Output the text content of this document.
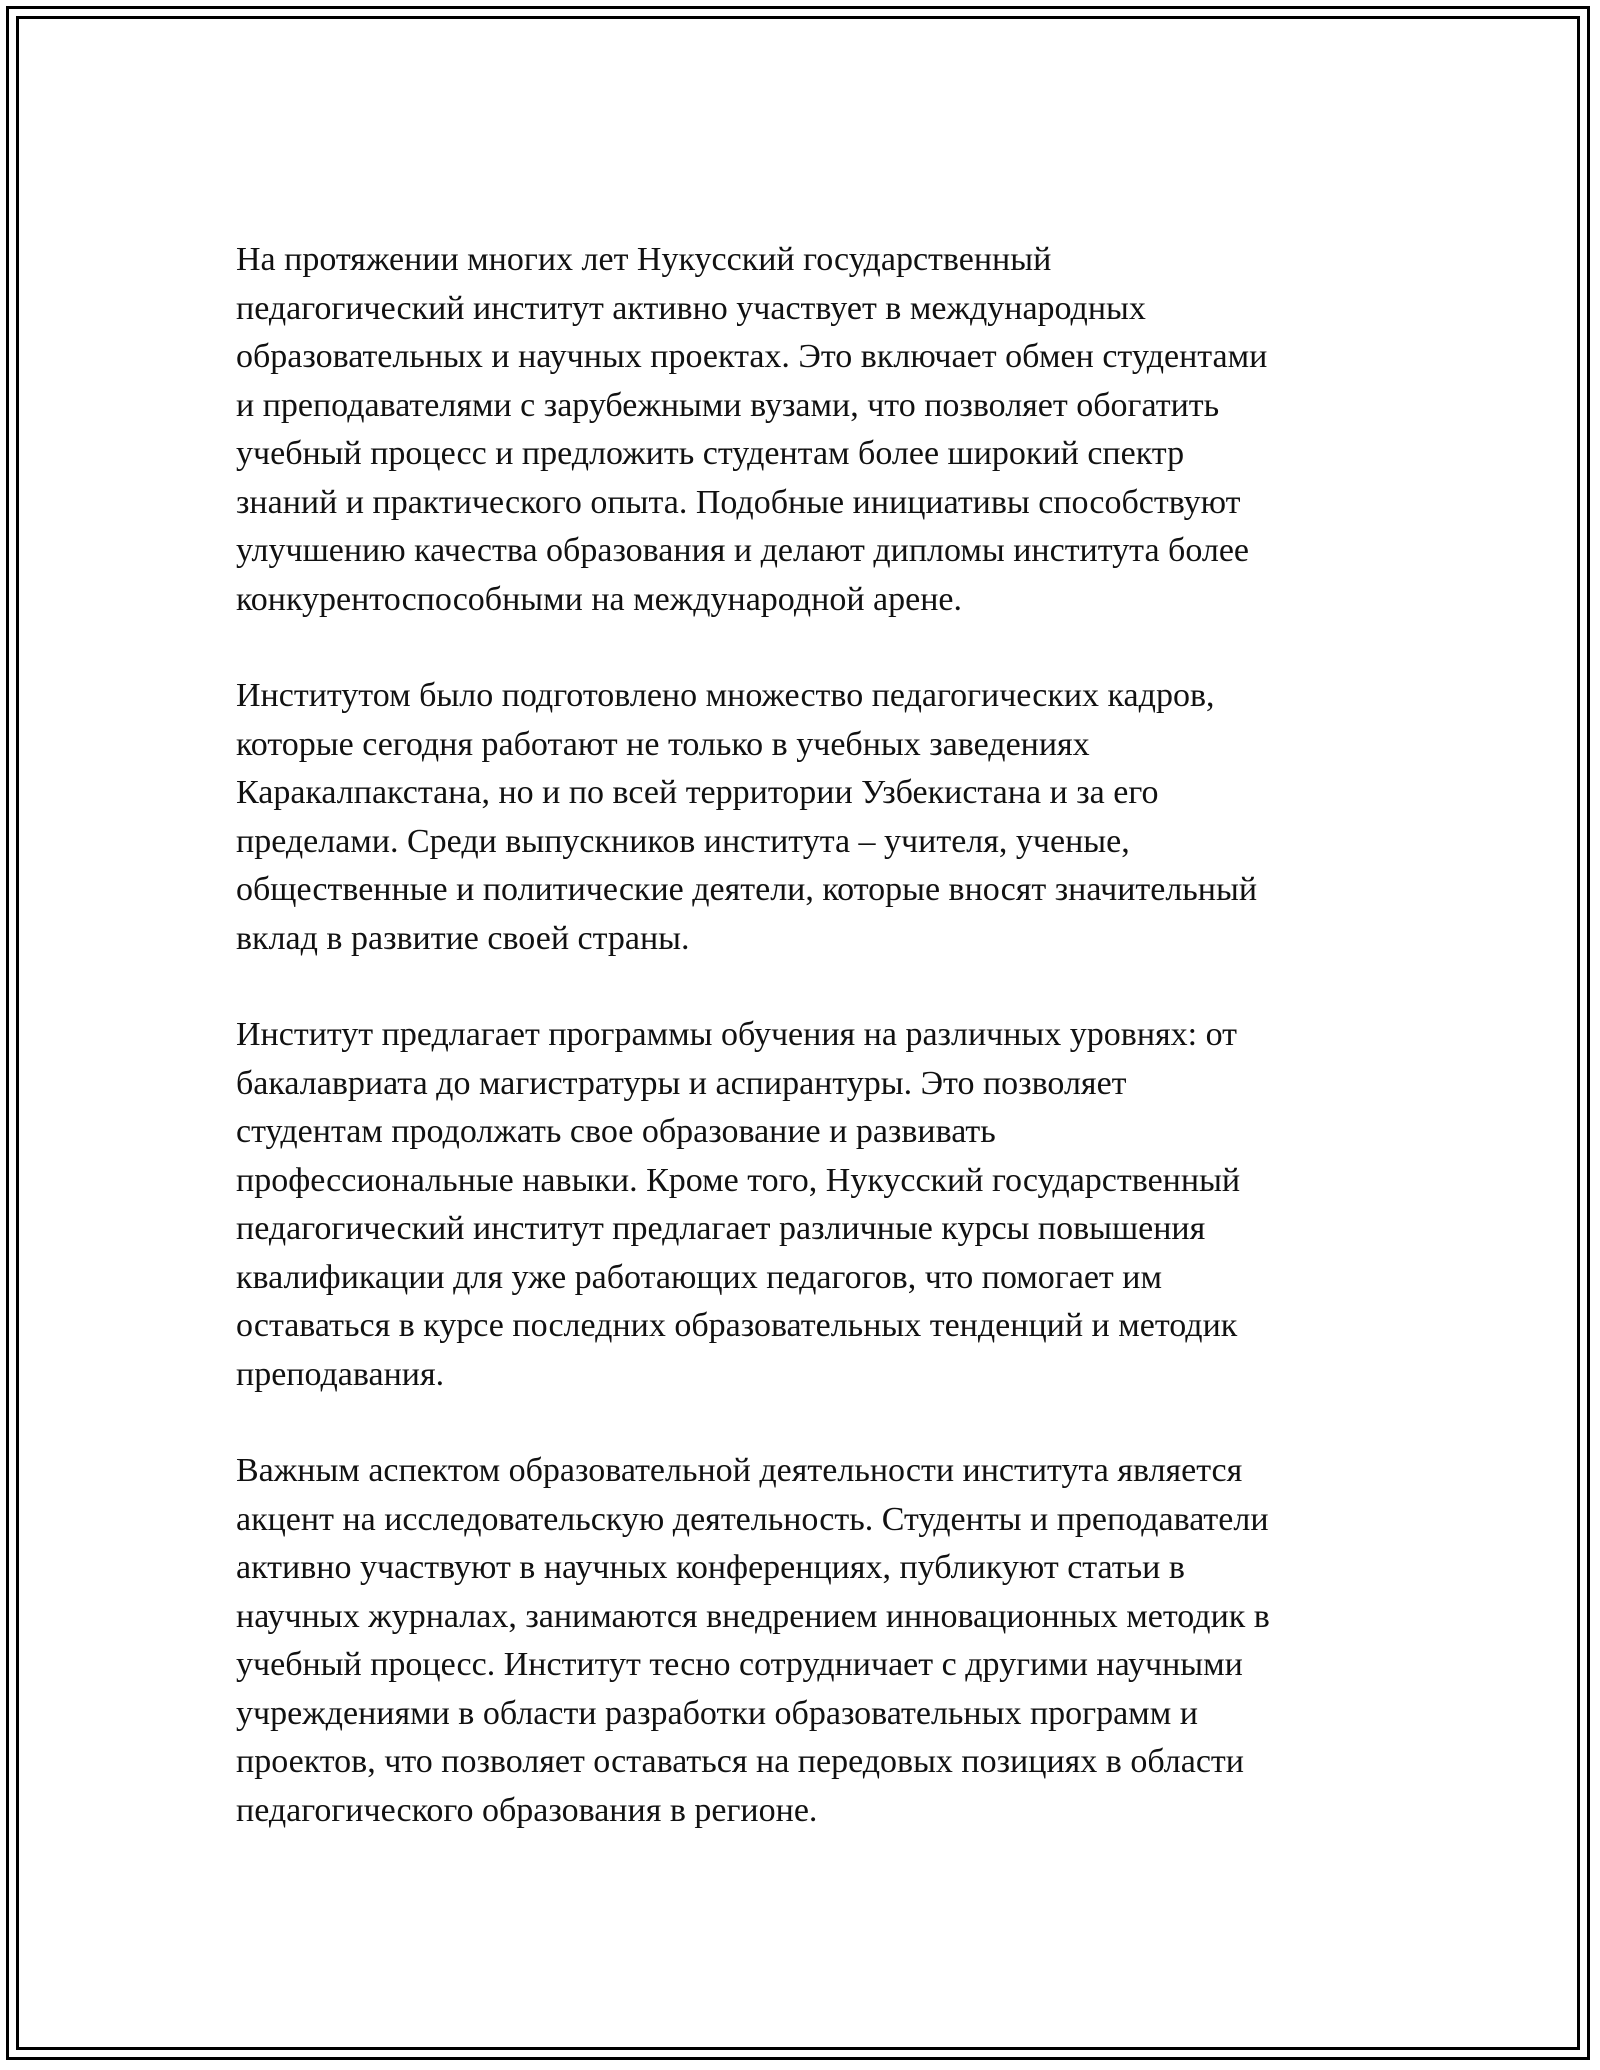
На протяжении многих лет Нукусский государственный
педагогический институт активно участвует в международных
образовательных и научных проектах. Это включает обмен студентами
и преподавателями с зарубежными вузами, что позволяет обогатить
учебный процесс и предложить студентам более широкий спектр
знаний и практического опыта. Подобные инициативы способствуют
улучшению качества образования и делают дипломы института более
конкурентоспособными на международной арене.

Институтом было подготовлено множество педагогических кадров,
которые сегодня работают не только в учебных заведениях
Каракалпакстана, но и по всей территории Узбекистана и за его
пределами. Среди выпускников института – учителя, ученые,
общественные и политические деятели, которые вносят значительный
вклад в развитие своей страны.

Институт предлагает программы обучения на различных уровнях: от
бакалавриата до магистратуры и аспирантуры. Это позволяет
студентам продолжать свое образование и развивать
профессиональные навыки. Кроме того, Нукусский государственный
педагогический институт предлагает различные курсы повышения
квалификации для уже работающих педагогов, что помогает им
оставаться в курсе последних образовательных тенденций и методик
преподавания.

Важным аспектом образовательной деятельности института является
акцент на исследовательскую деятельность. Студенты и преподаватели
активно участвуют в научных конференциях, публикуют статьи в
научных журналах, занимаются внедрением инновационных методик в
учебный процесс. Институт тесно сотрудничает с другими научными
учреждениями в области разработки образовательных программ и
проектов, что позволяет оставаться на передовых позициях в области
педагогического образования в регионе.
